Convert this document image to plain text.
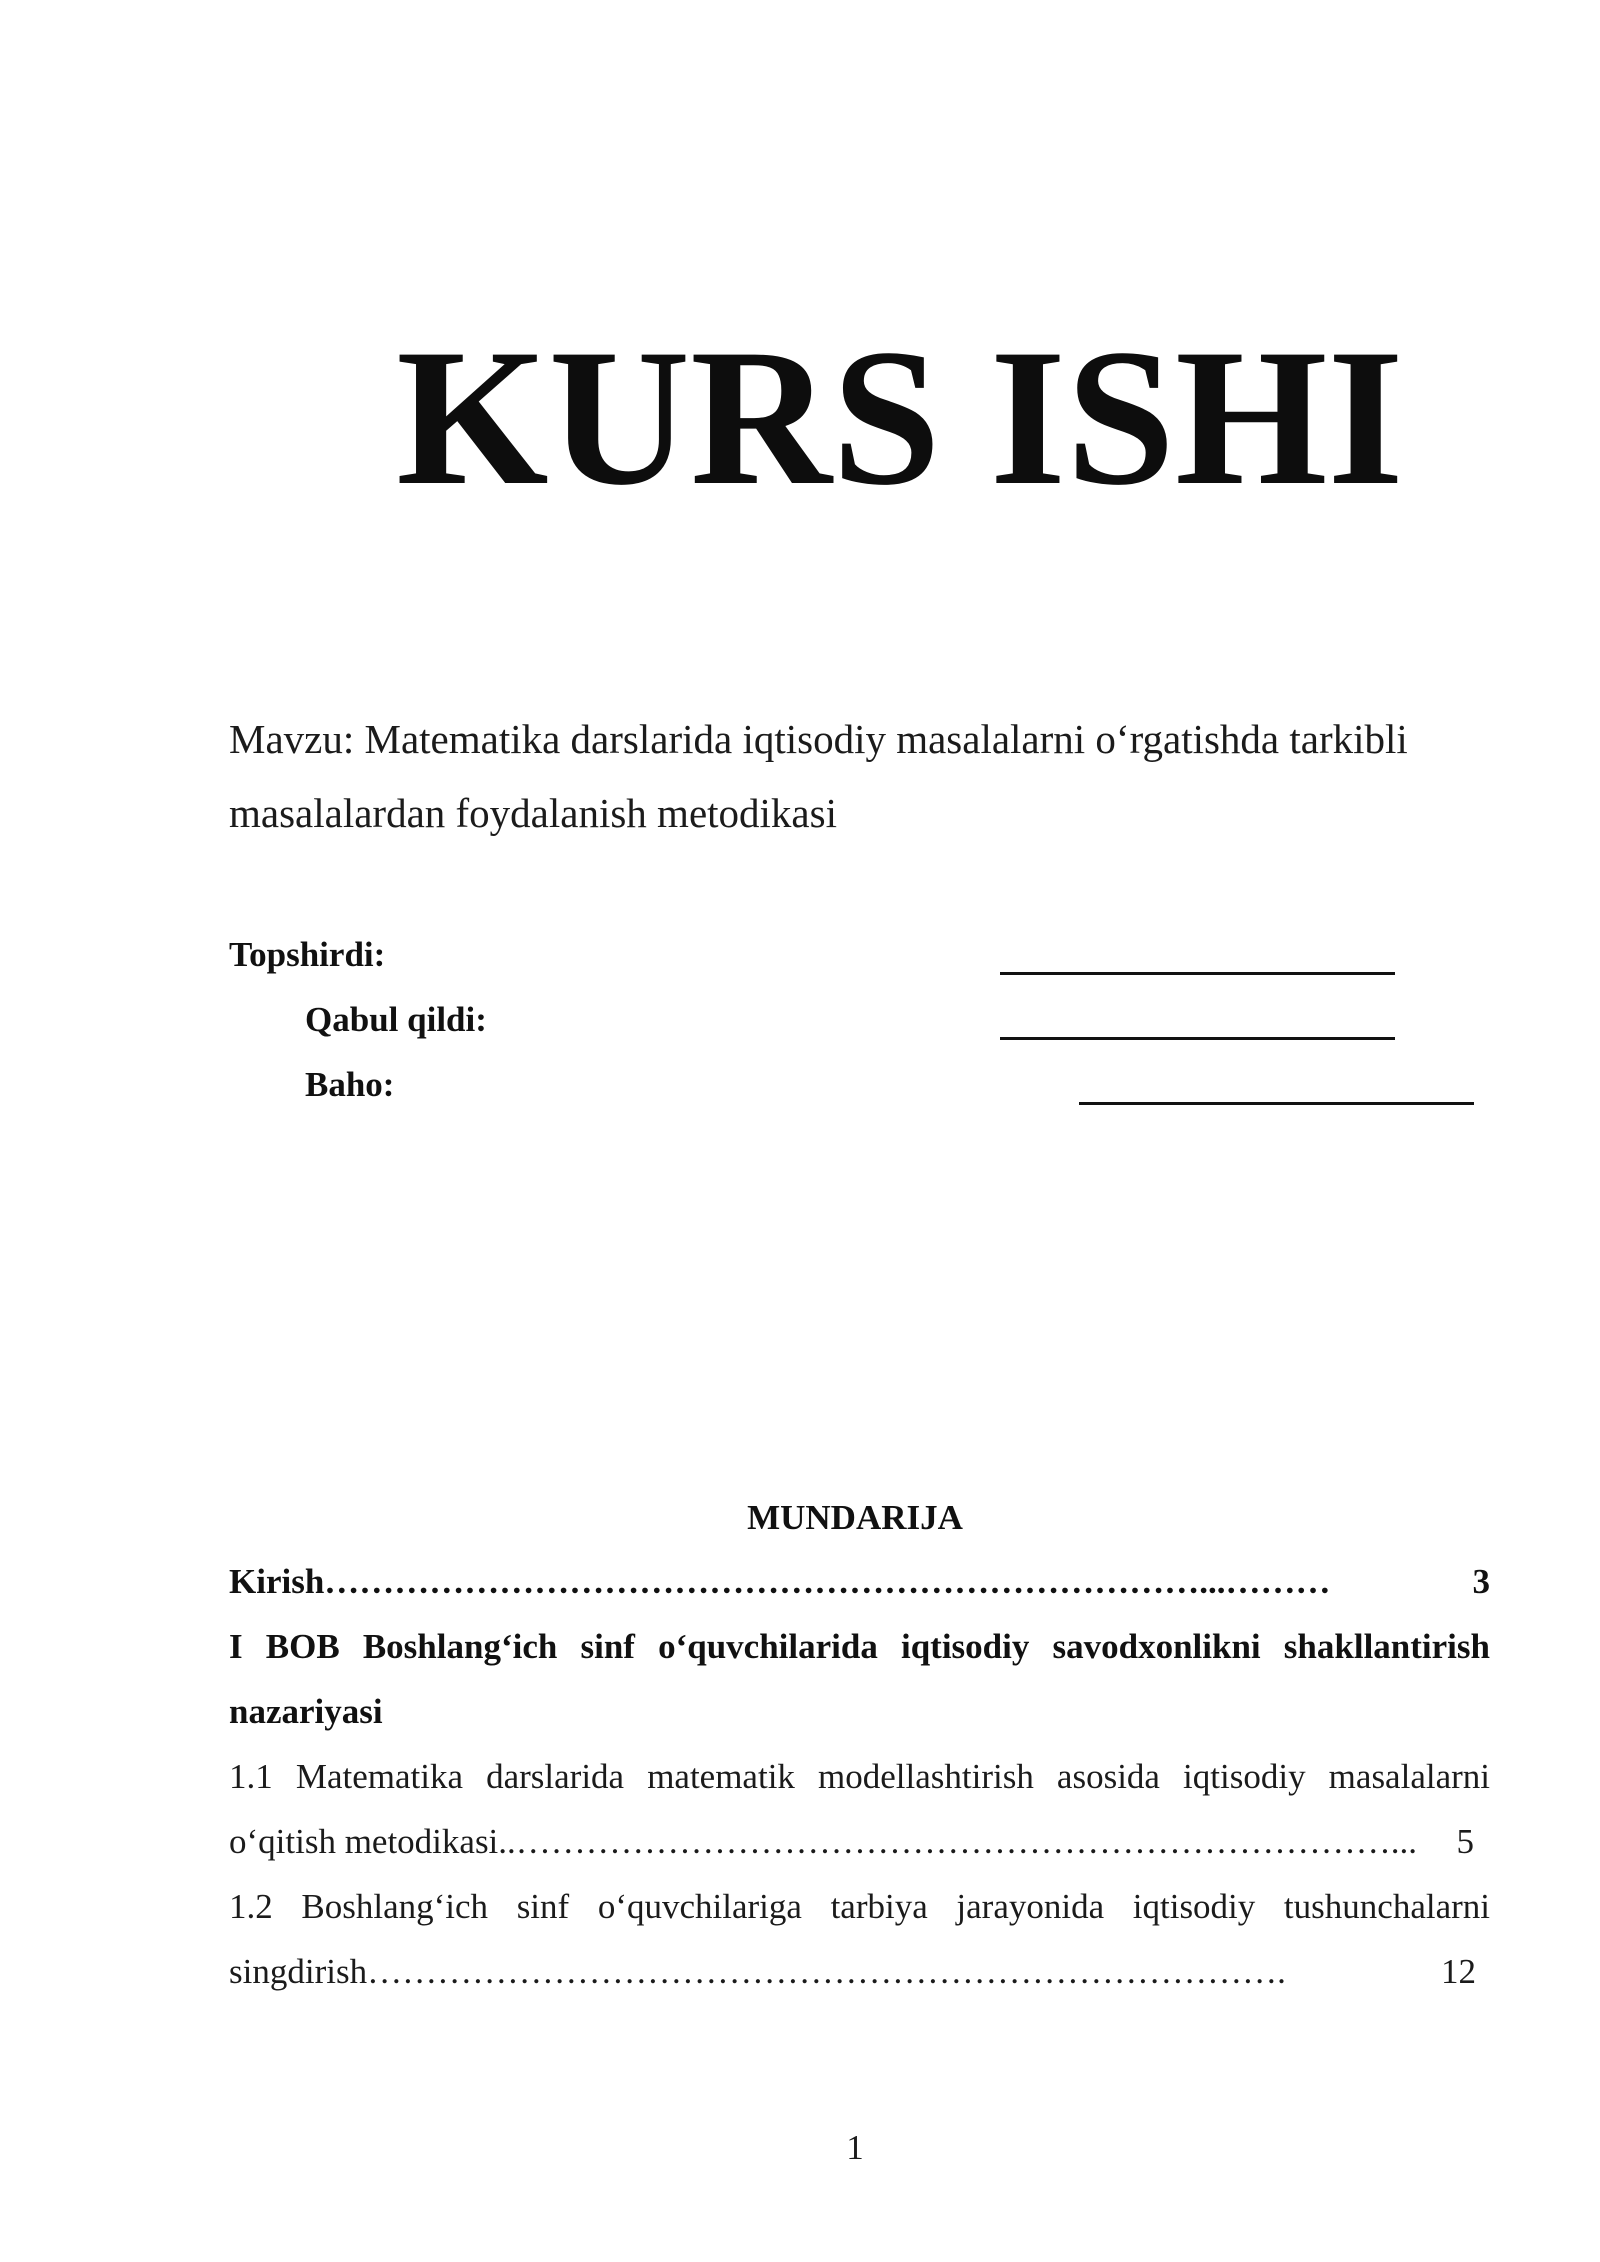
KURS ISHI
Mavzu: Matematika darslarida iqtisodiy masalalarni o‘rgatishda tarkibli
masalalardan foydalanish metodikasi
Topshirdi:
Qabul qildi:
Baho:
MUNDARIJA
Kirish …………………………………………………………………...………	3
I BOB Boshlang‘ich sinf o‘quvchilarida iqtisodiy savodxonlikni shakllantirish
nazariyasi
1.1 Matematika darslarida matematik modellashtirish asosida iqtisodiy masalalarni
o‘qitish metodikasi.. …………………………………………………………………...	5
1.2 Boshlang‘ich sinf o‘quvchilariga tarbiya jarayonida iqtisodiy tushunchalarni
singdirish …………………………………………………………………….	12
1
